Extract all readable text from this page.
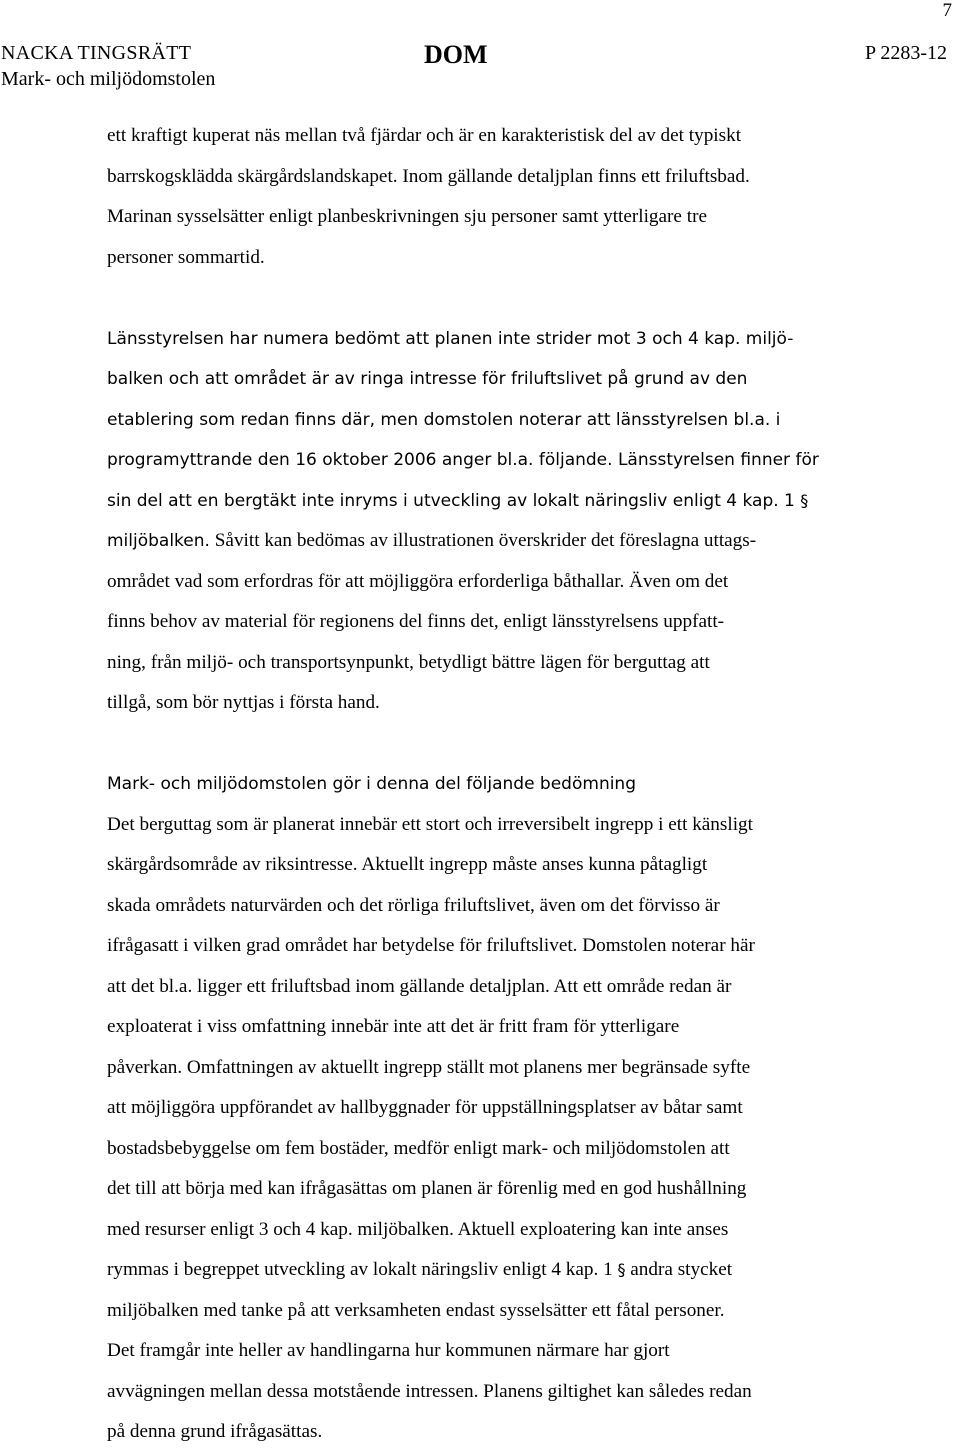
7
NACKA TINGSRÄTT
Mark- och miljödomstolen
DOM	P 2283-12
ett kraftigt kuperat näs mellan två fjärdar och är en karakteristisk del av det typiskt
barrskogsklädda skärgårdslandskapet. Inom gällande detaljplan finns ett friluftsbad.
Marinan sysselsätter enligt planbeskrivningen sju personer samt ytterligare tre
personer sommartid.
Länsstyrelsen har numera bedömt att planen inte strider mot 3 och 4 kap. miljö-
balken och att området är av ringa intresse för friluftslivet på grund av den
etablering som redan finns där, men domstolen noterar att länsstyrelsen bl.a. i
programyttrande den 16 oktober 2006 anger bl.a. följande. Länsstyrelsen finner för
sin del att en bergtäkt inte inryms i utveckling av lokalt näringsliv enligt 4 kap. 1 §
miljöbalken. Såvitt kan bedömas av illustrationen överskrider det föreslagna uttags-
området vad som erfordras för att möjliggöra erforderliga båthallar. Även om det
finns behov av material för regionens del finns det, enligt länsstyrelsens uppfatt-
ning, från miljö- och transportsynpunkt, betydligt bättre lägen för berguttag att
tillgå, som bör nyttjas i första hand.
Mark- och miljödomstolen gör i denna del följande bedömning
Det berguttag som är planerat innebär ett stort och irreversibelt ingrepp i ett känsligt
skärgårdsområde av riksintresse. Aktuellt ingrepp måste anses kunna påtagligt
skada områdets naturvärden och det rörliga friluftslivet, även om det förvisso är
ifrågasatt i vilken grad området har betydelse för friluftslivet. Domstolen noterar här
att det bl.a. ligger ett friluftsbad inom gällande detaljplan. Att ett område redan är
exploaterat i viss omfattning innebär inte att det är fritt fram för ytterligare
påverkan. Omfattningen av aktuellt ingrepp ställt mot planens mer begränsade syfte
att möjliggöra uppförandet av hallbyggnader för uppställningsplatser av båtar samt
bostadsbebyggelse om fem bostäder, medför enligt mark- och miljödomstolen att
det till att börja med kan ifrågasättas om planen är förenlig med en god hushållning
med resurser enligt 3 och 4 kap. miljöbalken. Aktuell exploatering kan inte anses
rymmas i begreppet utveckling av lokalt näringsliv enligt 4 kap. 1 § andra stycket
miljöbalken med tanke på att verksamheten endast sysselsätter ett fåtal personer.
Det framgår inte heller av handlingarna hur kommunen närmare har gjort
avvägningen mellan dessa motstående intressen. Planens giltighet kan således redan
på denna grund ifrågasättas.
